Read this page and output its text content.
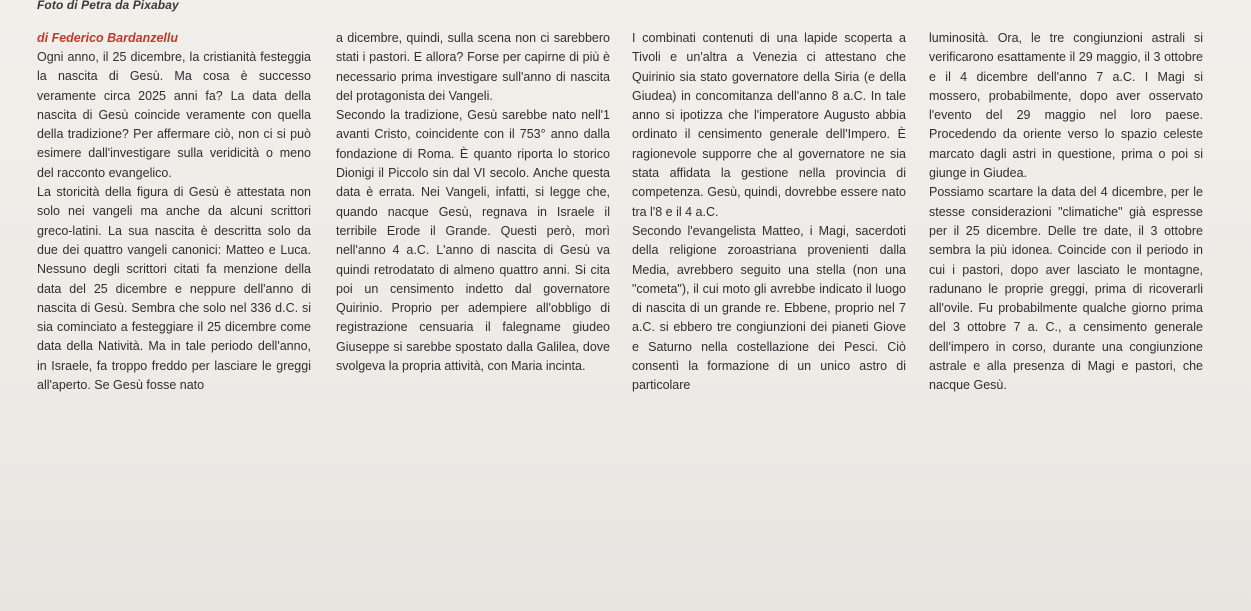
Foto di Petra da Pixabay
di Federico Bardanzellu

Ogni anno, il 25 dicembre, la cristianità festeggia la nascita di Gesù. Ma cosa è successo veramente circa 2025 anni fa? La data della nascita di Gesù coincide veramente con quella della tradizione? Per affermare ciò, non ci si può esimere dall'investigare sulla veridicità o meno del racconto evangelico.

La storicità della figura di Gesù è attestata non solo nei vangeli ma anche da alcuni scrittori greco-latini. La sua nascita è descritta solo da due dei quattro vangeli canonici: Matteo e Luca. Nessuno degli scrittori citati fa menzione della data del 25 dicembre e neppure dell'anno di nascita di Gesù. Sembra che solo nel 336 d.C. si sia cominciato a festeggiare il 25 dicembre come data della Natività. Ma in tale periodo dell'anno, in Israele, fa troppo freddo per lasciare le greggi all'aperto. Se Gesù fosse nato

a dicembre, quindi, sulla scena non ci sarebbero stati i pastori. E allora? Forse per capirne di più è necessario prima investigare sull'anno di nascita del protagonista dei Vangeli.

Secondo la tradizione, Gesù sarebbe nato nell'1 avanti Cristo, coincidente con il 753° anno dalla fondazione di Roma. È quanto riporta lo storico Dionigi il Piccolo sin dal VI secolo. Anche questa data è errata. Nei Vangeli, infatti, si legge che, quando nacque Gesù, regnava in Israele il terribile Erode il Grande. Questi però, morì nell'anno 4 a.C. L'anno di nascita di Gesù va quindi retrodatato di almeno quattro anni. Si cita poi un censimento indetto dal governatore Quirinio. Proprio per adempiere all'obbligo di registrazione censuaria il falegname giudeo Giuseppe si sarebbe spostato dalla Galilea, dove svolgeva la propria attività, con Maria incinta.

I combinati contenuti di una lapide scoperta a Tivoli e un'altra a Venezia ci attestano che Quirinio sia stato governatore della Siria (e della Giudea) in concomitanza dell'anno 8 a.C. In tale anno si ipotizza che l'imperatore Augusto abbia ordinato il censimento generale dell'Impero. È ragionevole supporre che al governatore ne sia stata affidata la gestione nella provincia di competenza. Gesù, quindi, dovrebbe essere nato tra l'8 e il 4 a.C.

Secondo l'evangelista Matteo, i Magi, sacerdoti della religione zoroastriana provenienti dalla Media, avrebbero seguito una stella (non una "cometa"), il cui moto gli avrebbe indicato il luogo di nascita di un grande re. Ebbene, proprio nel 7 a.C. si ebbero tre congiunzioni dei pianeti Giove e Saturno nella costellazione dei Pesci. Ciò consentì la formazione di un unico astro di particolare

luminosità. Ora, le tre congiunzioni astrali si verificarono esattamente il 29 maggio, il 3 ottobre e il 4 dicembre dell'anno 7 a.C. I Magi si mossero, probabilmente, dopo aver osservato l'evento del 29 maggio nel loro paese. Procedendo da oriente verso lo spazio celeste marcato dagli astri in questione, prima o poi si giunge in Giudea.

Possiamo scartare la data del 4 dicembre, per le stesse considerazioni "climatiche" già espresse per il 25 dicembre. Delle tre date, il 3 ottobre sembra la più idonea. Coincide con il periodo in cui i pastori, dopo aver lasciato le montagne, radunano le proprie greggi, prima di ricoverarli all'ovile. Fu probabilmente qualche giorno prima del 3 ottobre 7 a. C., a censimento generale dell'impero in corso, durante una congiunzione astrale e alla presenza di Magi e pastori, che nacque Gesù.
